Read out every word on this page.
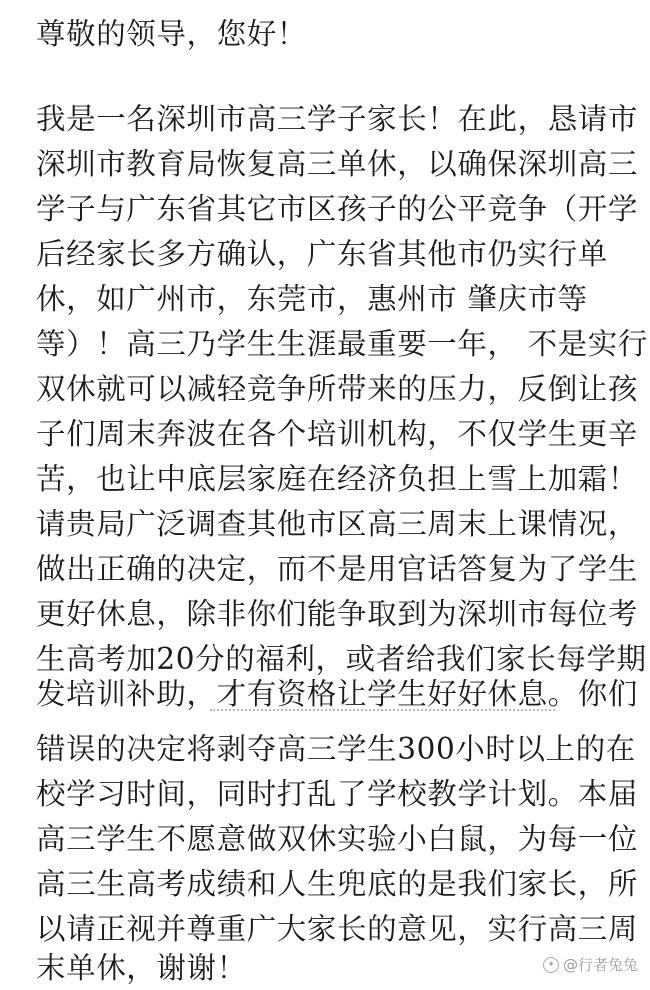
尊敬的领导，您好！
我是一名深圳市高三学子家长！在此，恳请市
深圳市教育局恢复高三单休，以确保深圳高三
学子与广东省其它市区孩子的公平竞争（开学
后经家长多方确认，广东省其他市仍实行单
休，如广州市，东莞市，惠州市 肇庆市等
等）！高三乃学生生涯最重要一年， 不是实行
双休就可以减轻竞争所带来的压力，反倒让孩
子们周末奔波在各个培训机构，不仅学生更辛
苦，也让中底层家庭在经济负担上雪上加霜！
请贵局广泛调查其他市区高三周末上课情况，
做出正确的决定，而不是用官话答复为了学生
更好休息，除非你们能争取到为深圳市每位考
生高考加20分的福利，或者给我们家长每学期
发培训补助，才有资格让学生好好休息。你们
错误的决定将剥夺高三学生300小时以上的在
校学习时间，同时打乱了学校教学计划。本届
高三学生不愿意做双休实验小白鼠，为每一位
高三生高考成绩和人生兜底的是我们家长，所
以请正视并尊重广大家长的意见，实行高三周
末单休，谢谢！	✦ @行者兔兔
